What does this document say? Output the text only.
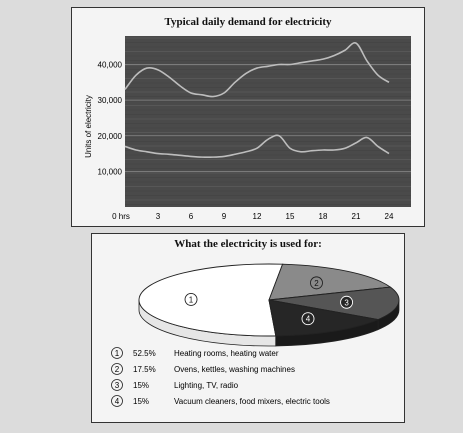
Typical daily demand for electricity
0 hrs	3	6	9	12	15	18	21	24
10,000
20,000
30,000
40,000
Units of electricity
What the electricity is used for:
1
2
3
4
1 52.5% Heating rooms, heating water
2 17.5% Ovens, kettles, washing machines
3 15%	Lighting, TV, radio
4 15%	Vacuum cleaners, food mixers, electric tools
